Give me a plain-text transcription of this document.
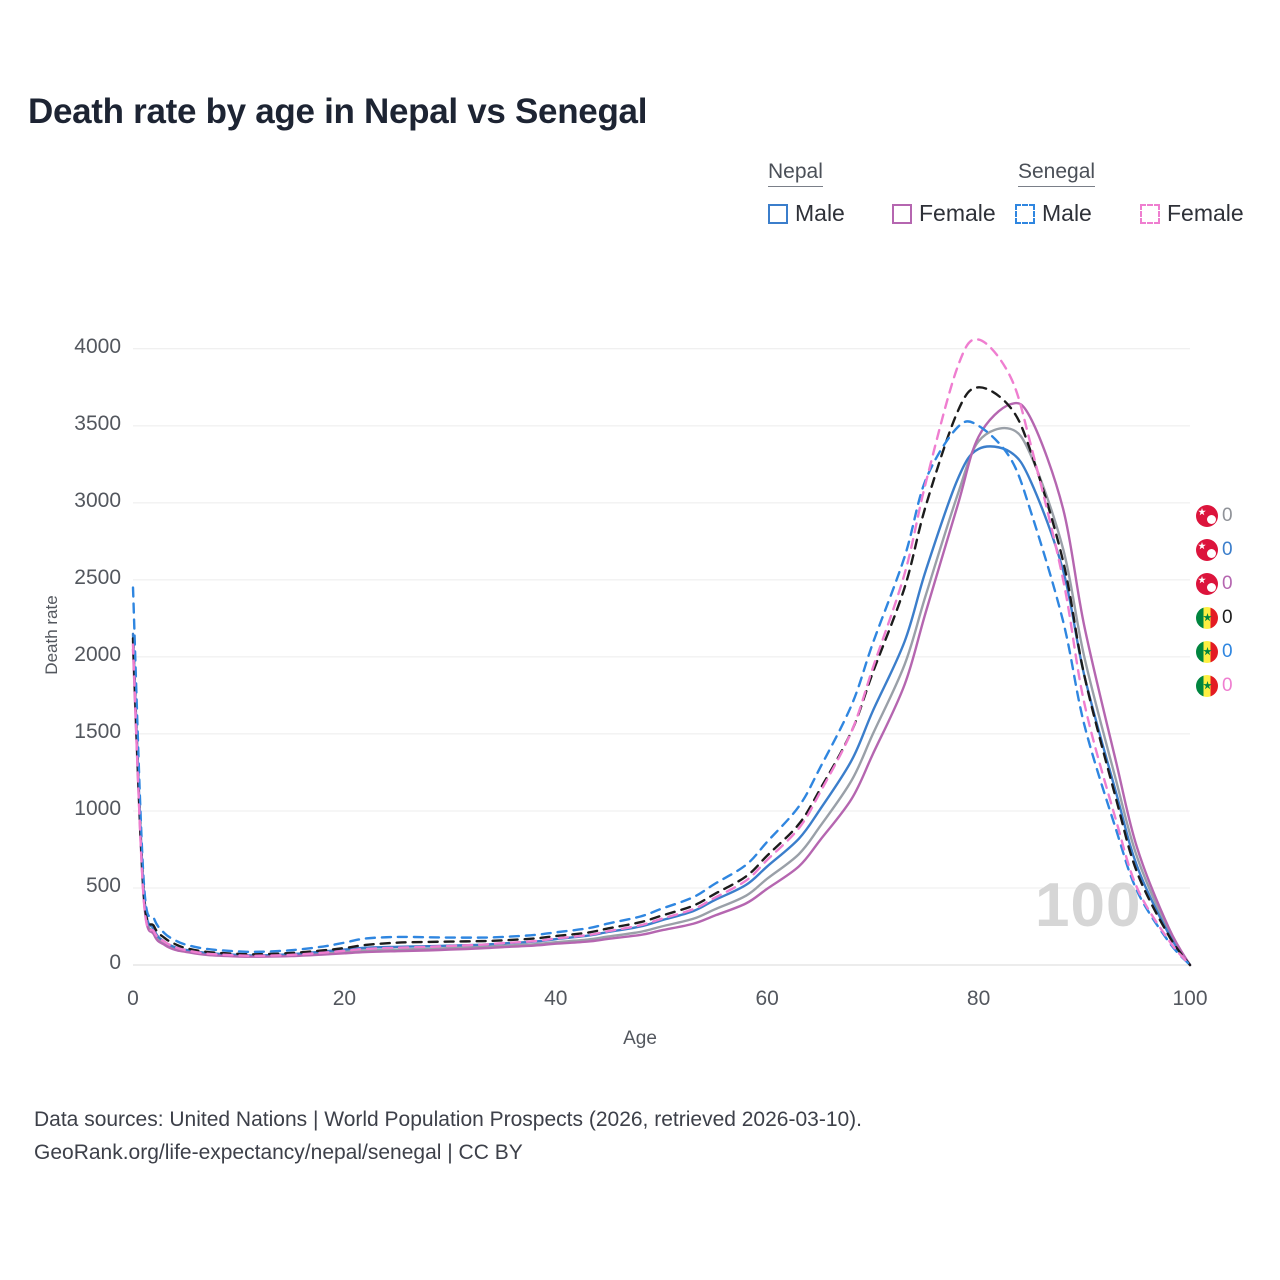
Death rate by age in Nepal vs Senegal
Nepal	Senegal
Male	Female Male	Female
Death rate
Age
0
500
1000
1500
2000
2500
3000
3500
4000
0	20	40	60	80	100
100
0
0
0
0
0
0
Data sources: United Nations | World Population Prospects (2026, retrieved 2026-03-10).
GeoRank.org/life-expectancy/nepal/senegal | CC BY
